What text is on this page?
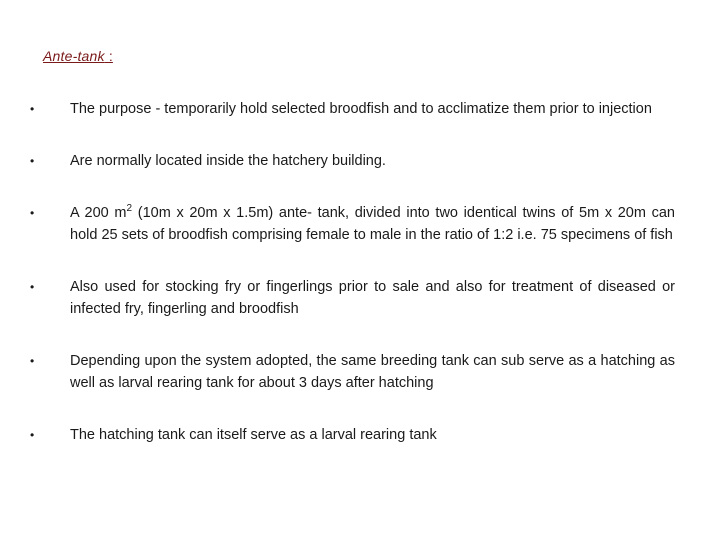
Ante-tank :
•	The purpose - temporarily hold selected broodfish and to acclimatize them prior to injection
•	Are normally located inside the hatchery building.
•	A 200 $m^2$ (10m x 20m x 1.5m) ante- tank, divided into two identical twins of 5m x 20m can hold 25 sets of broodfish comprising female to male in the ratio of 1:2 i.e. 75 specimens of fish
•	Also used for stocking fry or fingerlings prior to sale and also for treatment of diseased or infected fry, fingerling and broodfish
•	Depending upon the system adopted, the same breeding tank can sub serve as a hatching as well as larval rearing tank for about 3 days after hatching
•	The hatching tank can itself serve as a larval rearing tank
